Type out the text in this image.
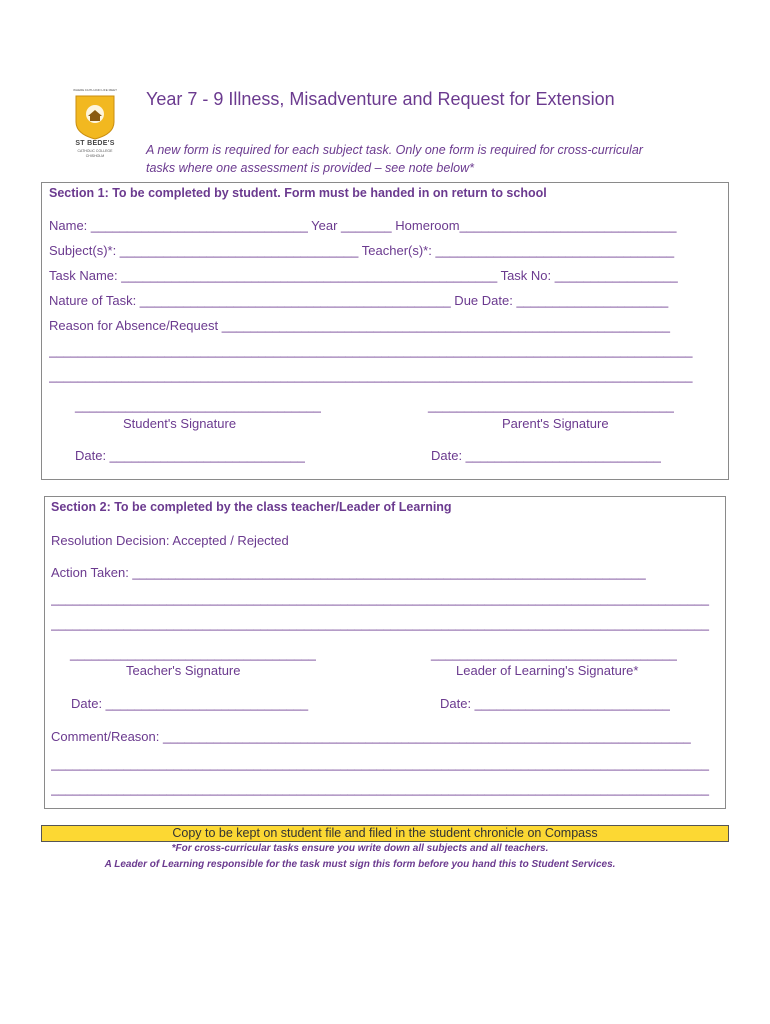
WHERE FAITH AND LIFE MEET
ST BEDE'S
CATHOLIC COLLEGE
CHISHOLM
Year 7 - 9 Illness, Misadventure and Request for Extension
A new form is required for each subject task. Only one form is required for cross-curricular tasks where one assessment is provided – see note below*
Section 1: To be completed by student. Form must be handed in on return to school
Name: ______________________________ Year _______ Homeroom______________________________
Subject(s)*: _________________________________ Teacher(s)*: _________________________________
Task Name: ____________________________________________________ Task No: _________________
Nature of Task: ___________________________________________ Due Date: _____________________
Reason for Absence/Request ______________________________________________________________
_________________________________________________________________________________________
_________________________________________________________________________________________
__________________________________	__________________________________
Student's Signature	Parent's Signature
Date: ___________________________	Date: ___________________________
Section 2: To be completed by the class teacher/Leader of Learning
Resolution Decision: Accepted / Rejected
Action Taken: _______________________________________________________________________
___________________________________________________________________________________________
___________________________________________________________________________________________
__________________________________	__________________________________
Teacher's Signature	Leader of Learning's Signature*
Date: ____________________________	Date: ___________________________
Comment/Reason: _________________________________________________________________________
___________________________________________________________________________________________
___________________________________________________________________________________________
Copy to be kept on student file and filed in the student chronicle on Compass
*For cross-curricular tasks ensure you write down all subjects and all teachers.
A Leader of Learning responsible for the task must sign this form before you hand this to Student Services.
